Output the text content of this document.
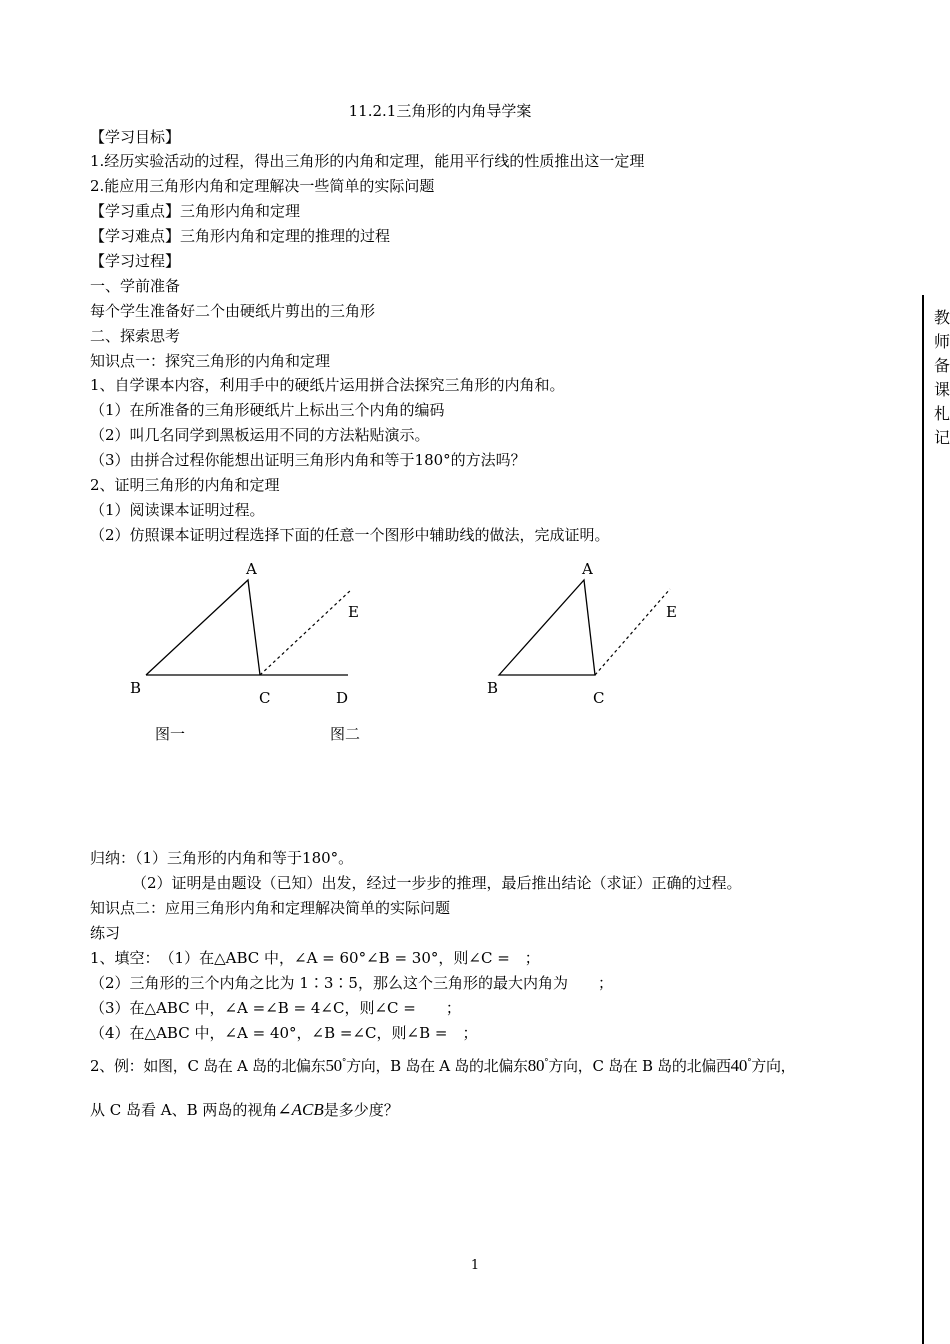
11.2.1三角形的内角导学案
【学习目标】
1.经历实验活动的过程，得出三角形的内角和定理，能用平行线的性质推出这一定理
2.能应用三角形内角和定理解决一些简单的实际问题
【学习重点】三角形内角和定理
【学习难点】三角形内角和定理的推理的过程
【学习过程】
一、学前准备
每个学生准备好二个由硬纸片剪出的三角形
二、探索思考
知识点一：探究三角形的内角和定理
1、自学课本内容，利用手中的硬纸片运用拼合法探究三角形的内角和。
（1）在所准备的三角形硬纸片上标出三个内角的编码
（2）叫几名同学到黑板运用不同的方法粘贴演示。
（3）由拼合过程你能想出证明三角形内角和等于180°的方法吗？
2、证明三角形的内角和定理
（1）阅读课本证明过程。
（2）仿照课本证明过程选择下面的任意一个图形中辅助线的做法，完成证明。
A
E
B
C	D
A
E
B
C
图一	图二
归纳：（1）三角形的内角和等于180°。
（2）证明是由题设（已知）出发，经过一步步的推理，最后推出结论（求证）正确的过程。
知识点二：应用三角形内角和定理解决简单的实际问题
练习
1、填空：　（1）在△ABC 中，∠A = 60°∠B = 30°，则∠C =　；
（2）三角形的三个内角之比为 1∶3∶5，那么这个三角形的最大内角为　　；
（3）在△ABC 中，∠A =∠B = 4∠C，则∠C =　　；
（4）在△ABC 中，∠A = 40°，∠B =∠C，则∠B =　；
2、例：如图，C 岛在 A 岛的北偏东50°方向，B 岛在 A 岛的北偏东80°方向，C 岛在 B 岛的北偏西40°方向，
从 C 岛看 A、B 两岛的视角∠ACB是多少度？
教
师
备
课
札
记
1
